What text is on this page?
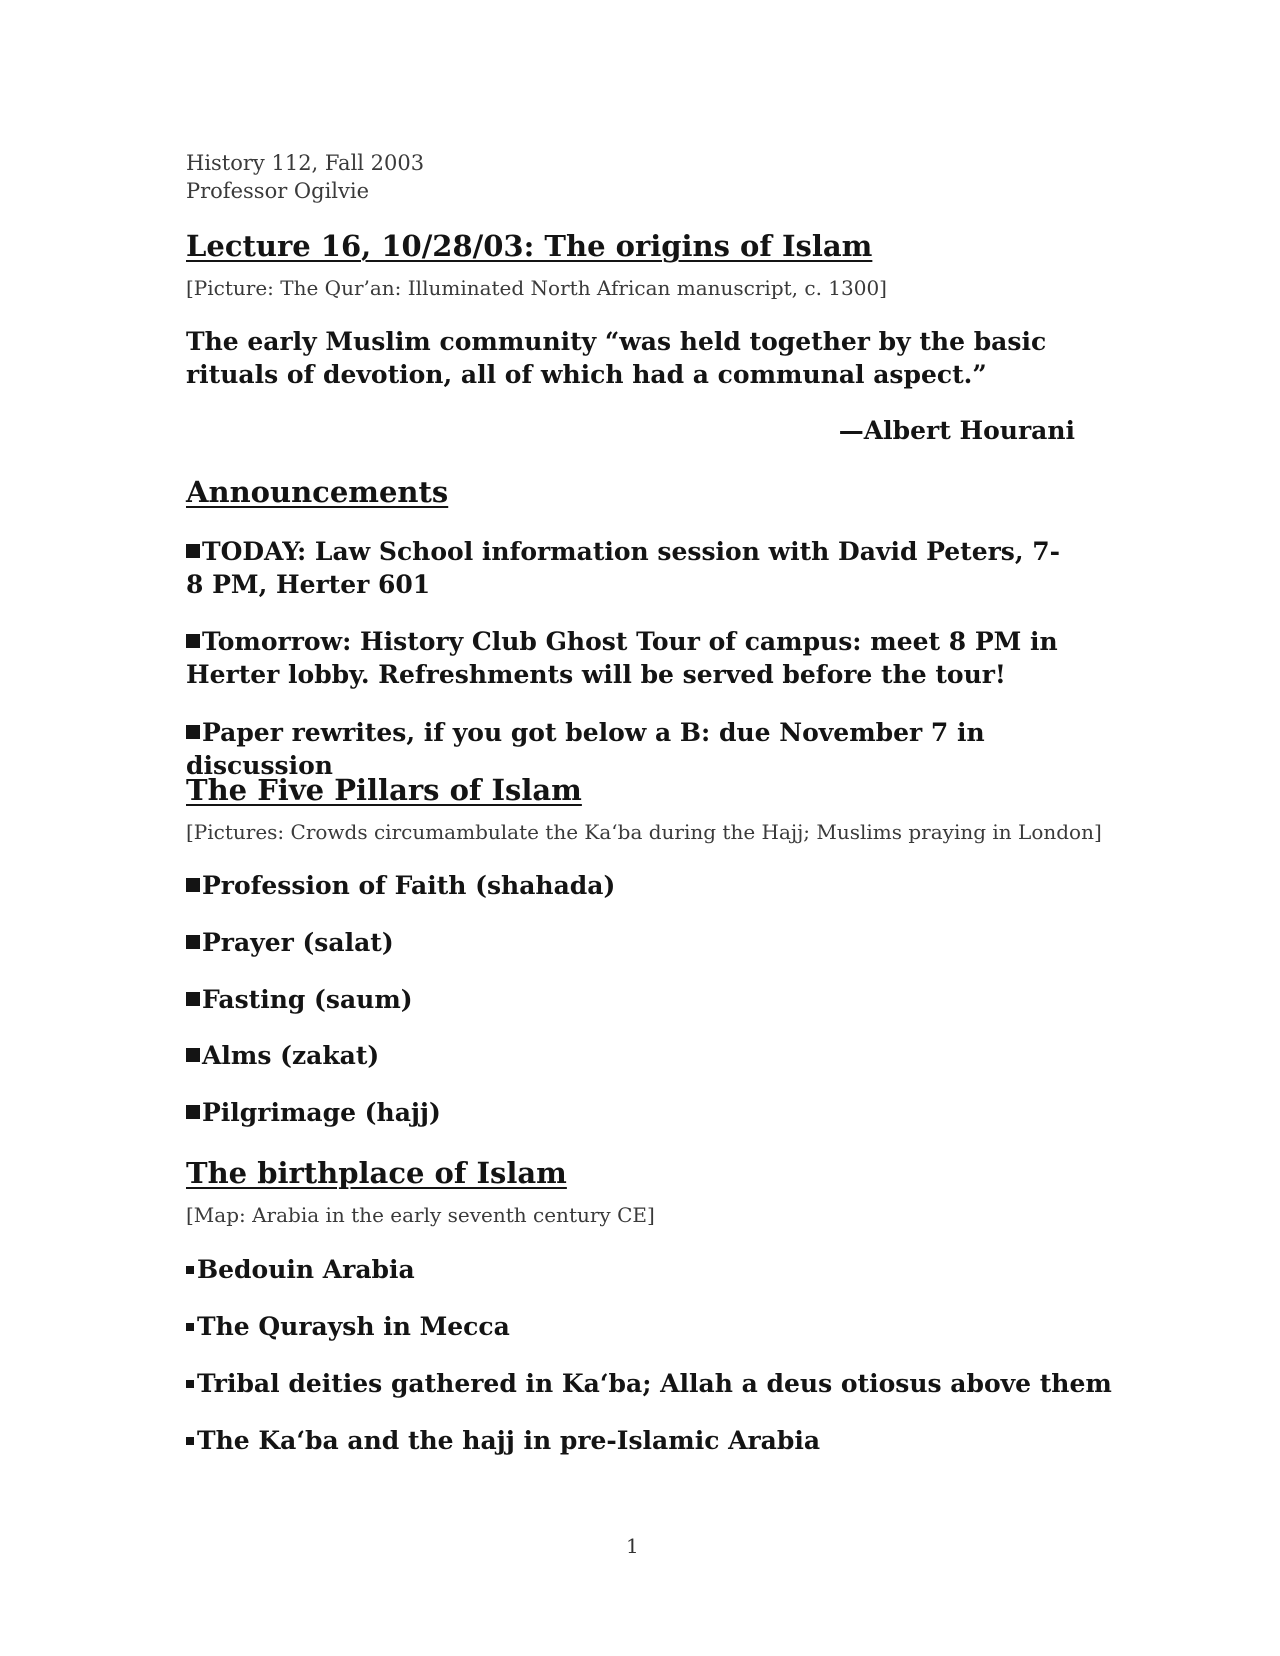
History 112, Fall 2003

Professor Ogilvie

Lecture 16, 10/28/03: The origins of Islam

[Picture: The Qur’an: Illuminated North African manuscript, c. 1300]

The early Muslim community “was held together by the basic rituals of devotion, all of which had a communal aspect.”

—Albert Hourani

Announcements

TODAY: Law School information session with David Peters, 7-8 PM, Herter 601

Tomorrow: History Club Ghost Tour of campus: meet 8 PM in Herter lobby. Refreshments will be served before the tour!

Paper rewrites, if you got below a B: due November 7 in discussion

The Five Pillars of Islam

[Pictures: Crowds circumambulate the Ka‘ba during the Hajj; Muslims praying in London]

Profession of Faith (shahada)

Prayer (salat)

Fasting (saum)

Alms (zakat)

Pilgrimage (hajj)

The birthplace of Islam

[Map: Arabia in the early seventh century CE]

Bedouin Arabia

The Quraysh in Mecca

Tribal deities gathered in Ka‘ba; Allah a deus otiosus above them

The Ka‘ba and the hajj in pre-Islamic Arabia

1
